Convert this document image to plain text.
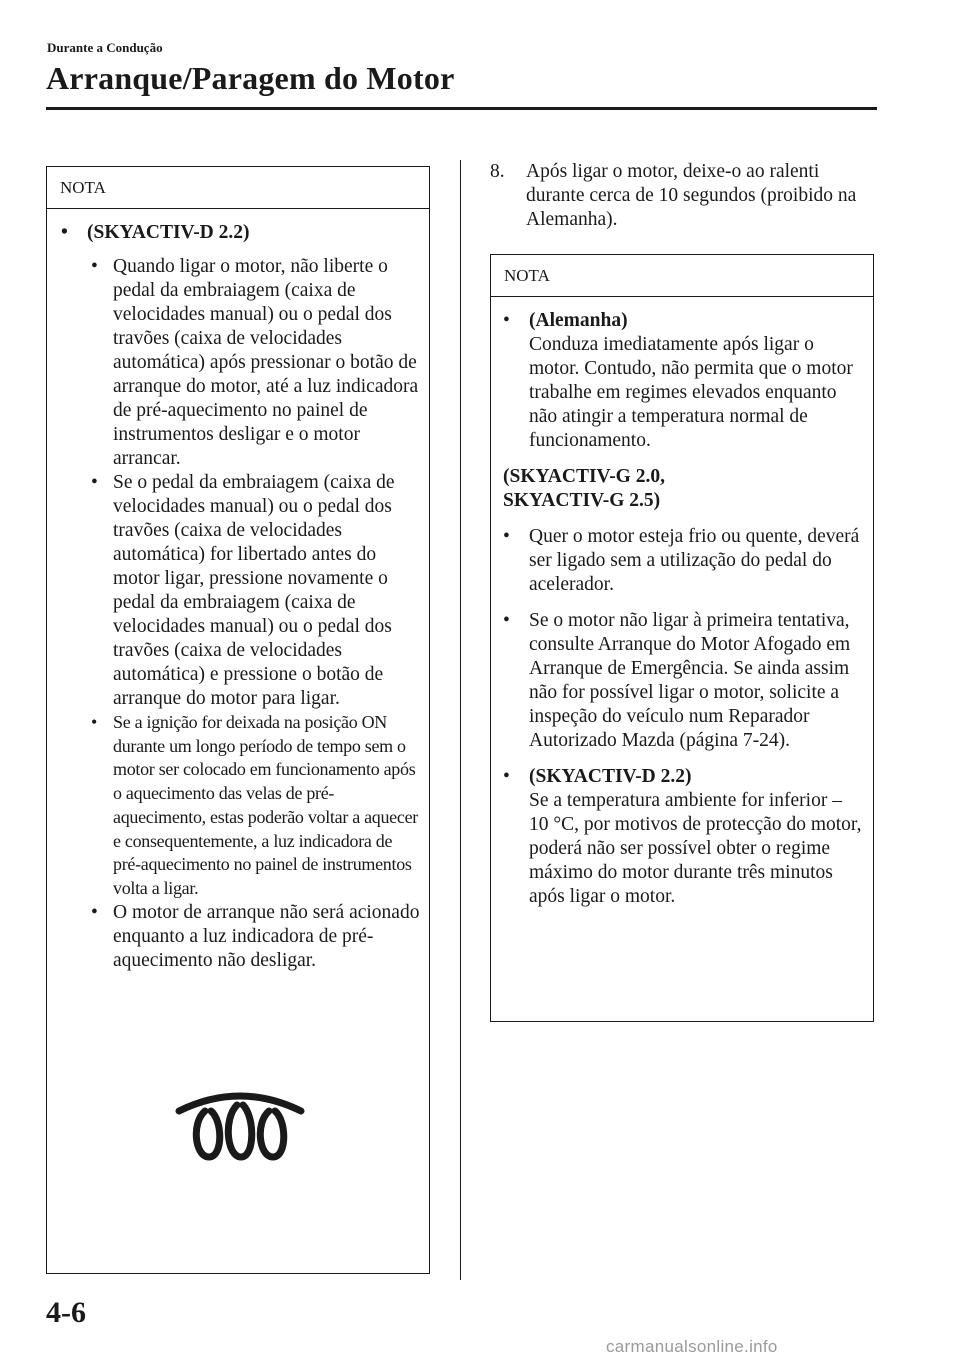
Durante a Condução
Arranque/Paragem do Motor
NOTA
• (SKYACTIV-D 2.2)
• Quando ligar o motor, não liberte o pedal da embraiagem (caixa de velocidades manual) ou o pedal dos travões (caixa de velocidades automática) após pressionar o botão de arranque do motor, até a luz indicadora de pré-aquecimento no painel de instrumentos desligar e o motor arrancar.
• Se o pedal da embraiagem (caixa de velocidades manual) ou o pedal dos travões (caixa de velocidades automática) for libertado antes do motor ligar, pressione novamente o pedal da embraiagem (caixa de velocidades manual) ou o pedal dos travões (caixa de velocidades automática) e pressione o botão de arranque do motor para ligar.
• Se a ignição for deixada na posição ON durante um longo período de tempo sem o motor ser colocado em funcionamento após o aquecimento das velas de pré-aquecimento, estas poderão voltar a aquecer e consequentemente, a luz indicadora de pré-aquecimento no painel de instrumentos volta a ligar.
• O motor de arranque não será acionado enquanto a luz indicadora de pré-aquecimento não desligar.
8.	Após ligar o motor, deixe-o ao ralenti durante cerca de 10 segundos (proibido na Alemanha).
NOTA
• (Alemanha)
Conduza imediatamente após ligar o motor. Contudo, não permita que o motor trabalhe em regimes elevados enquanto não atingir a temperatura normal de funcionamento.
(SKYACTIV-G 2.0,
SKYACTIV-G 2.5)
• Quer o motor esteja frio ou quente, deverá ser ligado sem a utilização do pedal do acelerador.
• Se o motor não ligar à primeira tentativa, consulte Arranque do Motor Afogado em Arranque de Emergência. Se ainda assim não for possível ligar o motor, solicite a inspeção do veículo num Reparador Autorizado Mazda (página 7-24).
• (SKYACTIV-D 2.2)
Se a temperatura ambiente for inferior – 10 °C, por motivos de protecção do motor, poderá não ser possível obter o regime máximo do motor durante três minutos após ligar o motor.
4-6
carmanualsonline.info
